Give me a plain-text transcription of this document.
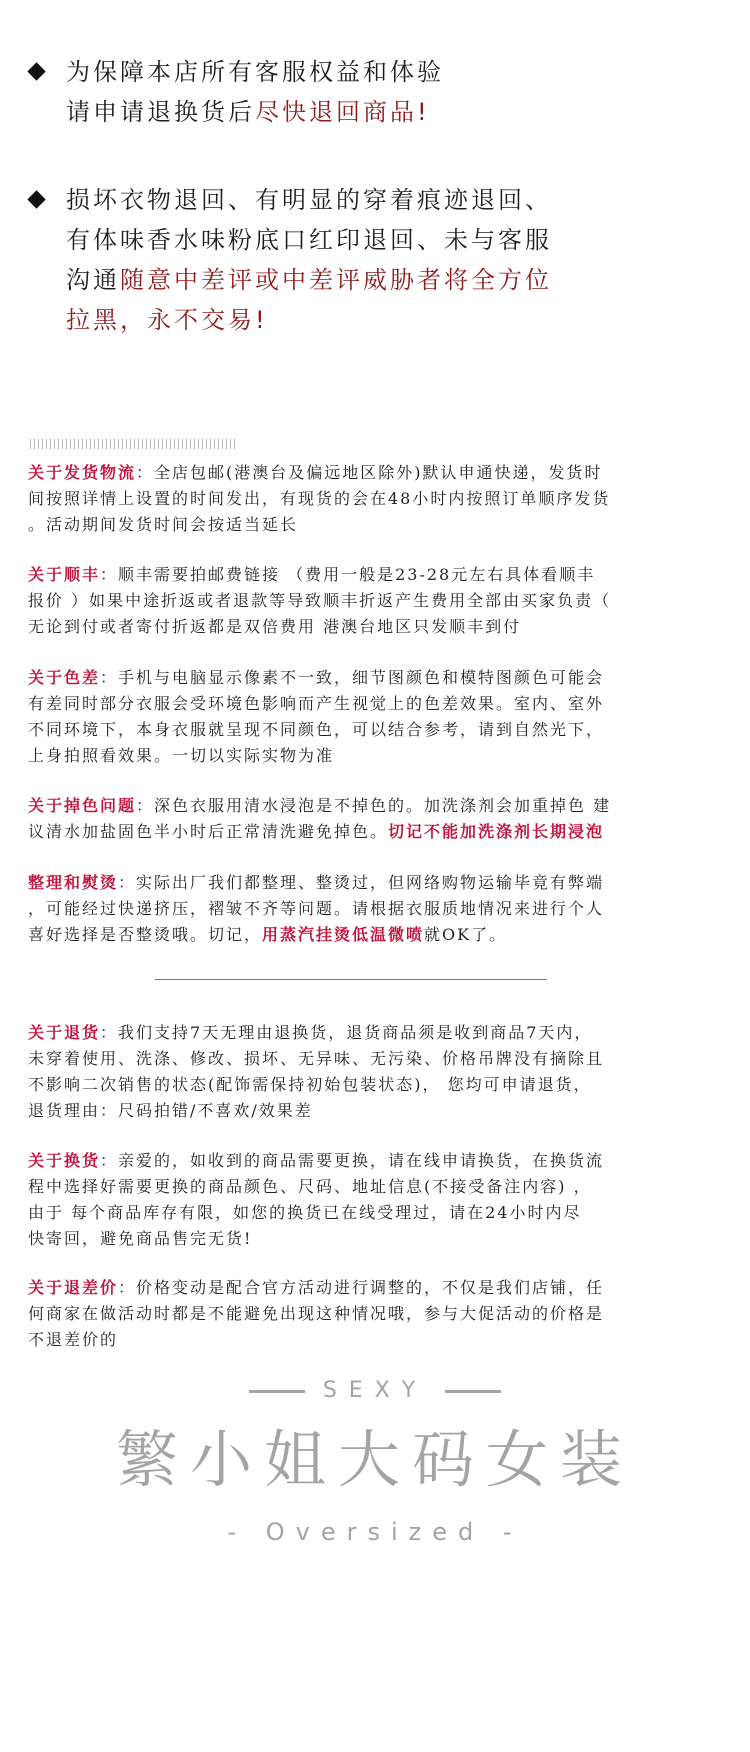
为保障本店所有客服权益和体验
请申请退换货后尽快退回商品!
损坏衣物退回、有明显的穿着痕迹退回、
有体味香水味粉底口红印退回、未与客服
沟通随意中差评或中差评威胁者将全方位
拉黑，永不交易!
关于发货物流：全店包邮(港澳台及偏远地区除外)默认申通快递，发货时
间按照详情上设置的时间发出，有现货的会在48小时内按照订单顺序发货
。活动期间发货时间会按适当延长
关于顺丰：顺丰需要拍邮费链接 （费用一般是23-28元左右具体看顺丰
报价 ）如果中途折返或者退款等导致顺丰折返产生费用全部由买家负责（
无论到付或者寄付折返都是双倍费用 港澳台地区只发顺丰到付
关于色差：手机与电脑显示像素不一致，细节图颜色和模特图颜色可能会
有差同时部分衣服会受环境色影响而产生视觉上的色差效果。室内、室外
不同环境下，本身衣服就呈现不同颜色，可以结合参考，请到自然光下，
上身拍照看效果。一切以实际实物为准
关于掉色问题：深色衣服用清水浸泡是不掉色的。加洗涤剂会加重掉色 建
议清水加盐固色半小时后正常清洗避免掉色。切记不能加洗涤剂长期浸泡
整理和熨烫：实际出厂我们都整理、整烫过，但网络购物运输毕竟有弊端
，可能经过快递挤压，褶皱不齐等问题。请根据衣服质地情况来进行个人
喜好选择是否整烫哦。切记，用蒸汽挂烫低温微喷就OK了。
关于退货：我们支持7天无理由退换货，退货商品须是收到商品7天内，
未穿着使用、洗涤、修改、损坏、无异味、无污染、价格吊牌没有摘除且
不影响二次销售的状态(配饰需保持初始包装状态)， 您均可申请退货，
退货理由：尺码拍错/不喜欢/效果差
关于换货：亲爱的，如收到的商品需要更换，请在线申请换货，在换货流
程中选择好需要更换的商品颜色、尺码、地址信息(不接受备注内容) ，
由于 每个商品库存有限，如您的换货已在线受理过，请在24小时内尽
快寄回，避免商品售完无货!
关于退差价：价格变动是配合官方活动进行调整的，不仅是我们店铺，任
何商家在做活动时都是不能避免出现这种情况哦，参与大促活动的价格是
不退差价的
SEXY
繁小姐大码女装
- Oversized -
